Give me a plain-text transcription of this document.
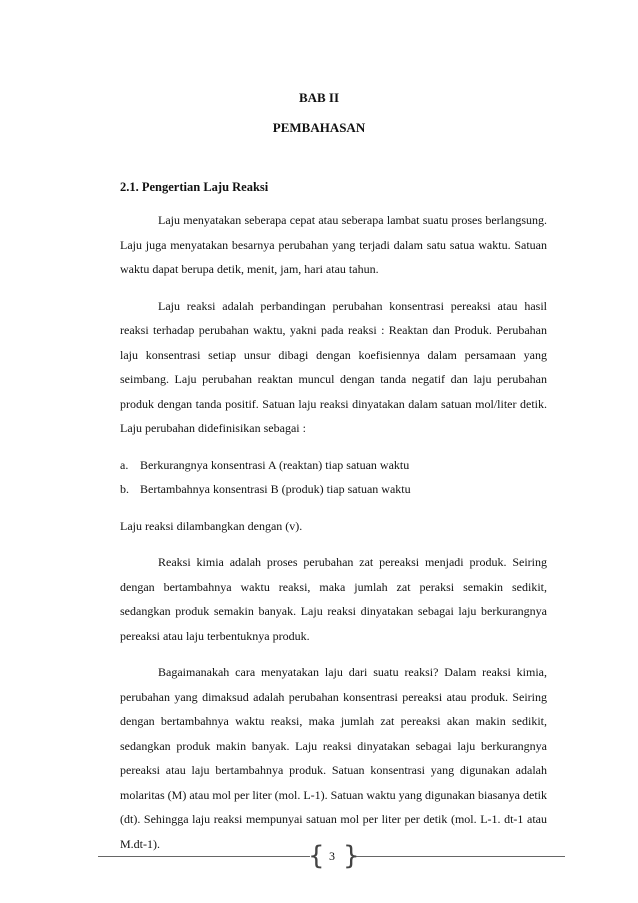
BAB II
PEMBAHASAN
2.1. Pengertian Laju Reaksi

Laju menyatakan seberapa cepat atau seberapa lambat suatu proses berlangsung. Laju juga menyatakan besarnya perubahan yang terjadi dalam satu satua waktu. Satuan waktu dapat berupa detik, menit, jam, hari atau tahun.

Laju reaksi adalah perbandingan perubahan konsentrasi pereaksi atau hasil reaksi terhadap perubahan waktu, yakni pada reaksi : Reaktan dan Produk. Perubahan laju konsentrasi setiap unsur dibagi dengan koefisiennya dalam persamaan yang seimbang. Laju perubahan reaktan muncul dengan tanda negatif dan laju perubahan produk dengan tanda positif. Satuan laju reaksi dinyatakan dalam satuan mol/liter detik. Laju perubahan didefinisikan sebagai :

a. Berkurangnya konsentrasi A (reaktan) tiap satuan waktu
b. Bertambahnya konsentrasi B (produk) tiap satuan waktu

Laju reaksi dilambangkan dengan (v).

Reaksi kimia adalah proses perubahan zat pereaksi menjadi produk. Seiring dengan bertambahnya waktu reaksi, maka jumlah zat peraksi semakin sedikit, sedangkan produk semakin banyak. Laju reaksi dinyatakan sebagai laju berkurangnya pereaksi atau laju terbentuknya produk.

Bagaimanakah cara menyatakan laju dari suatu reaksi? Dalam reaksi kimia, perubahan yang dimaksud adalah perubahan konsentrasi pereaksi atau produk. Seiring dengan bertambahnya waktu reaksi, maka jumlah zat pereaksi akan makin sedikit, sedangkan produk makin banyak. Laju reaksi dinyatakan sebagai laju berkurangnya pereaksi atau laju bertambahnya produk. Satuan konsentrasi yang digunakan adalah molaritas (M) atau mol per liter (mol. L-1). Satuan waktu yang digunakan biasanya detik (dt). Sehingga laju reaksi mempunyai satuan mol per liter per detik (mol. L-1. dt-1 atau M.dt-1).	{ 3 }
